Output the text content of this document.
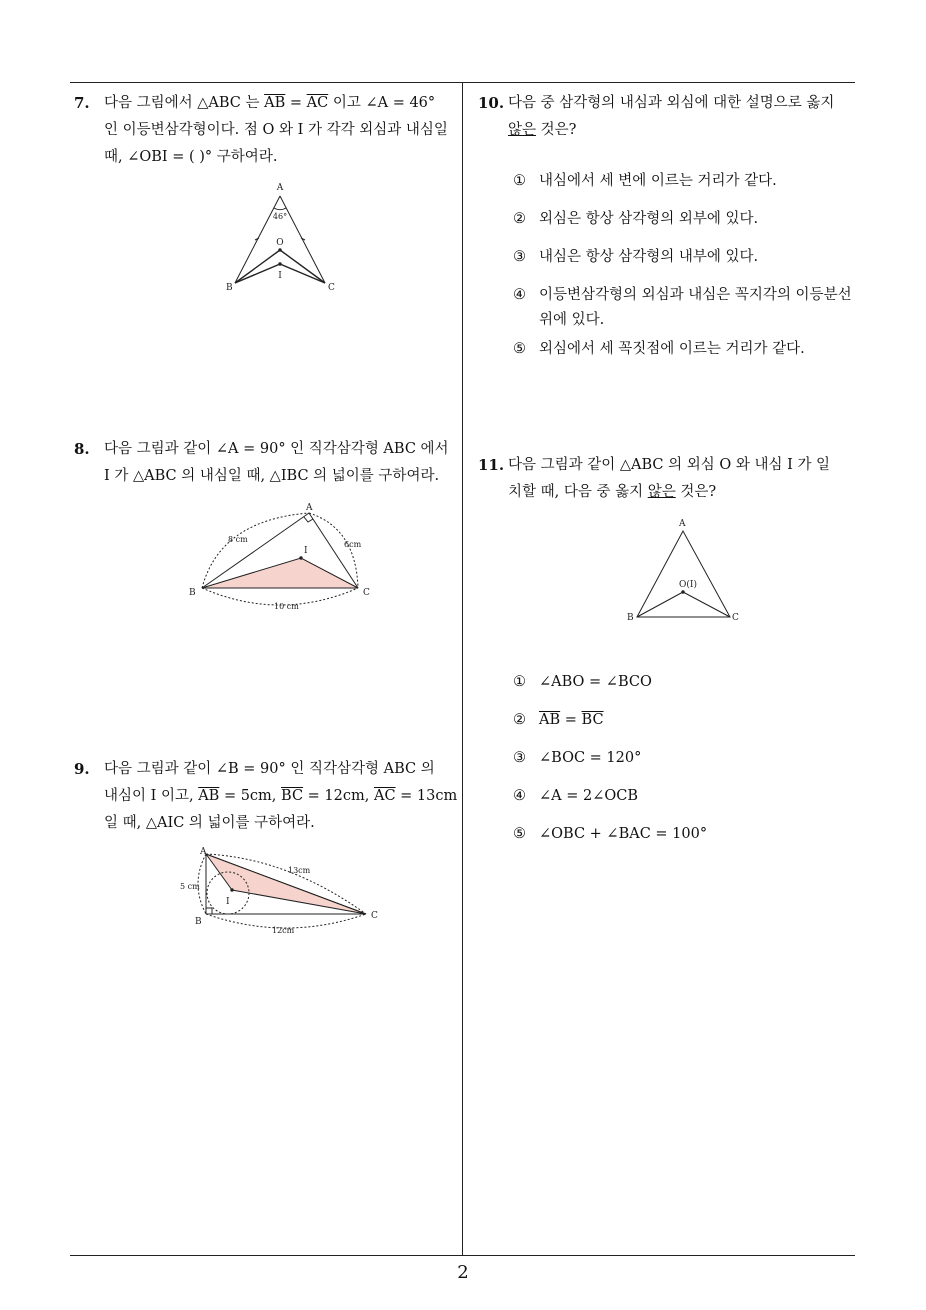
7. 다음 그림에서 △ABC 는 $\overline{AB} = \overline{AC}$ 이고 ∠A = 46°
인 이등변삼각형이다. 점 O 와 I 가 각각 외심과 내심일
때, ∠OBI = ( )° 구하여라.
A
B	C
O
I
46°
8. 다음 그림과 같이 ∠A = 90° 인 직각삼각형 ABC 에서
I 가 △ABC 의 내심일 때, △IBC 의 넓이를 구하여라.
A
B	C
I
8 cm
6cm
10 cm
9. 다음 그림과 같이 ∠B = 90° 인 직각삼각형 ABC 의
내심이 I 이고, $\overline{AB} = 5cm$, $\overline{BC} = 12cm$, $\overline{AC} = 13cm$
일 때, △AIC 의 넓이를 구하여라.
A
B
C
I
5 cm
13cm
12cm
10. 다음 중 삼각형의 내심과 외심에 대한 설명으로 옳지
않은 것은?
① 내심에서 세 변에 이르는 거리가 같다.
② 외심은 항상 삼각형의 외부에 있다.
③ 내심은 항상 삼각형의 내부에 있다.
④ 이등변삼각형의 외심과 내심은 꼭지각의 이등분선 위에 있다.
⑤ 외심에서 세 꼭짓점에 이르는 거리가 같다.
11. 다음 그림과 같이 △ABC 의 외심 O 와 내심 I 가 일
치할 때, 다음 중 옳지 않은 것은?
A
B	C
O(I)
① ∠ABO = ∠BCO
② $\overline{AB} = \overline{BC}$
③ ∠BOC = 120°
④ ∠A = 2∠OCB
⑤ ∠OBC + ∠BAC = 100°
2
